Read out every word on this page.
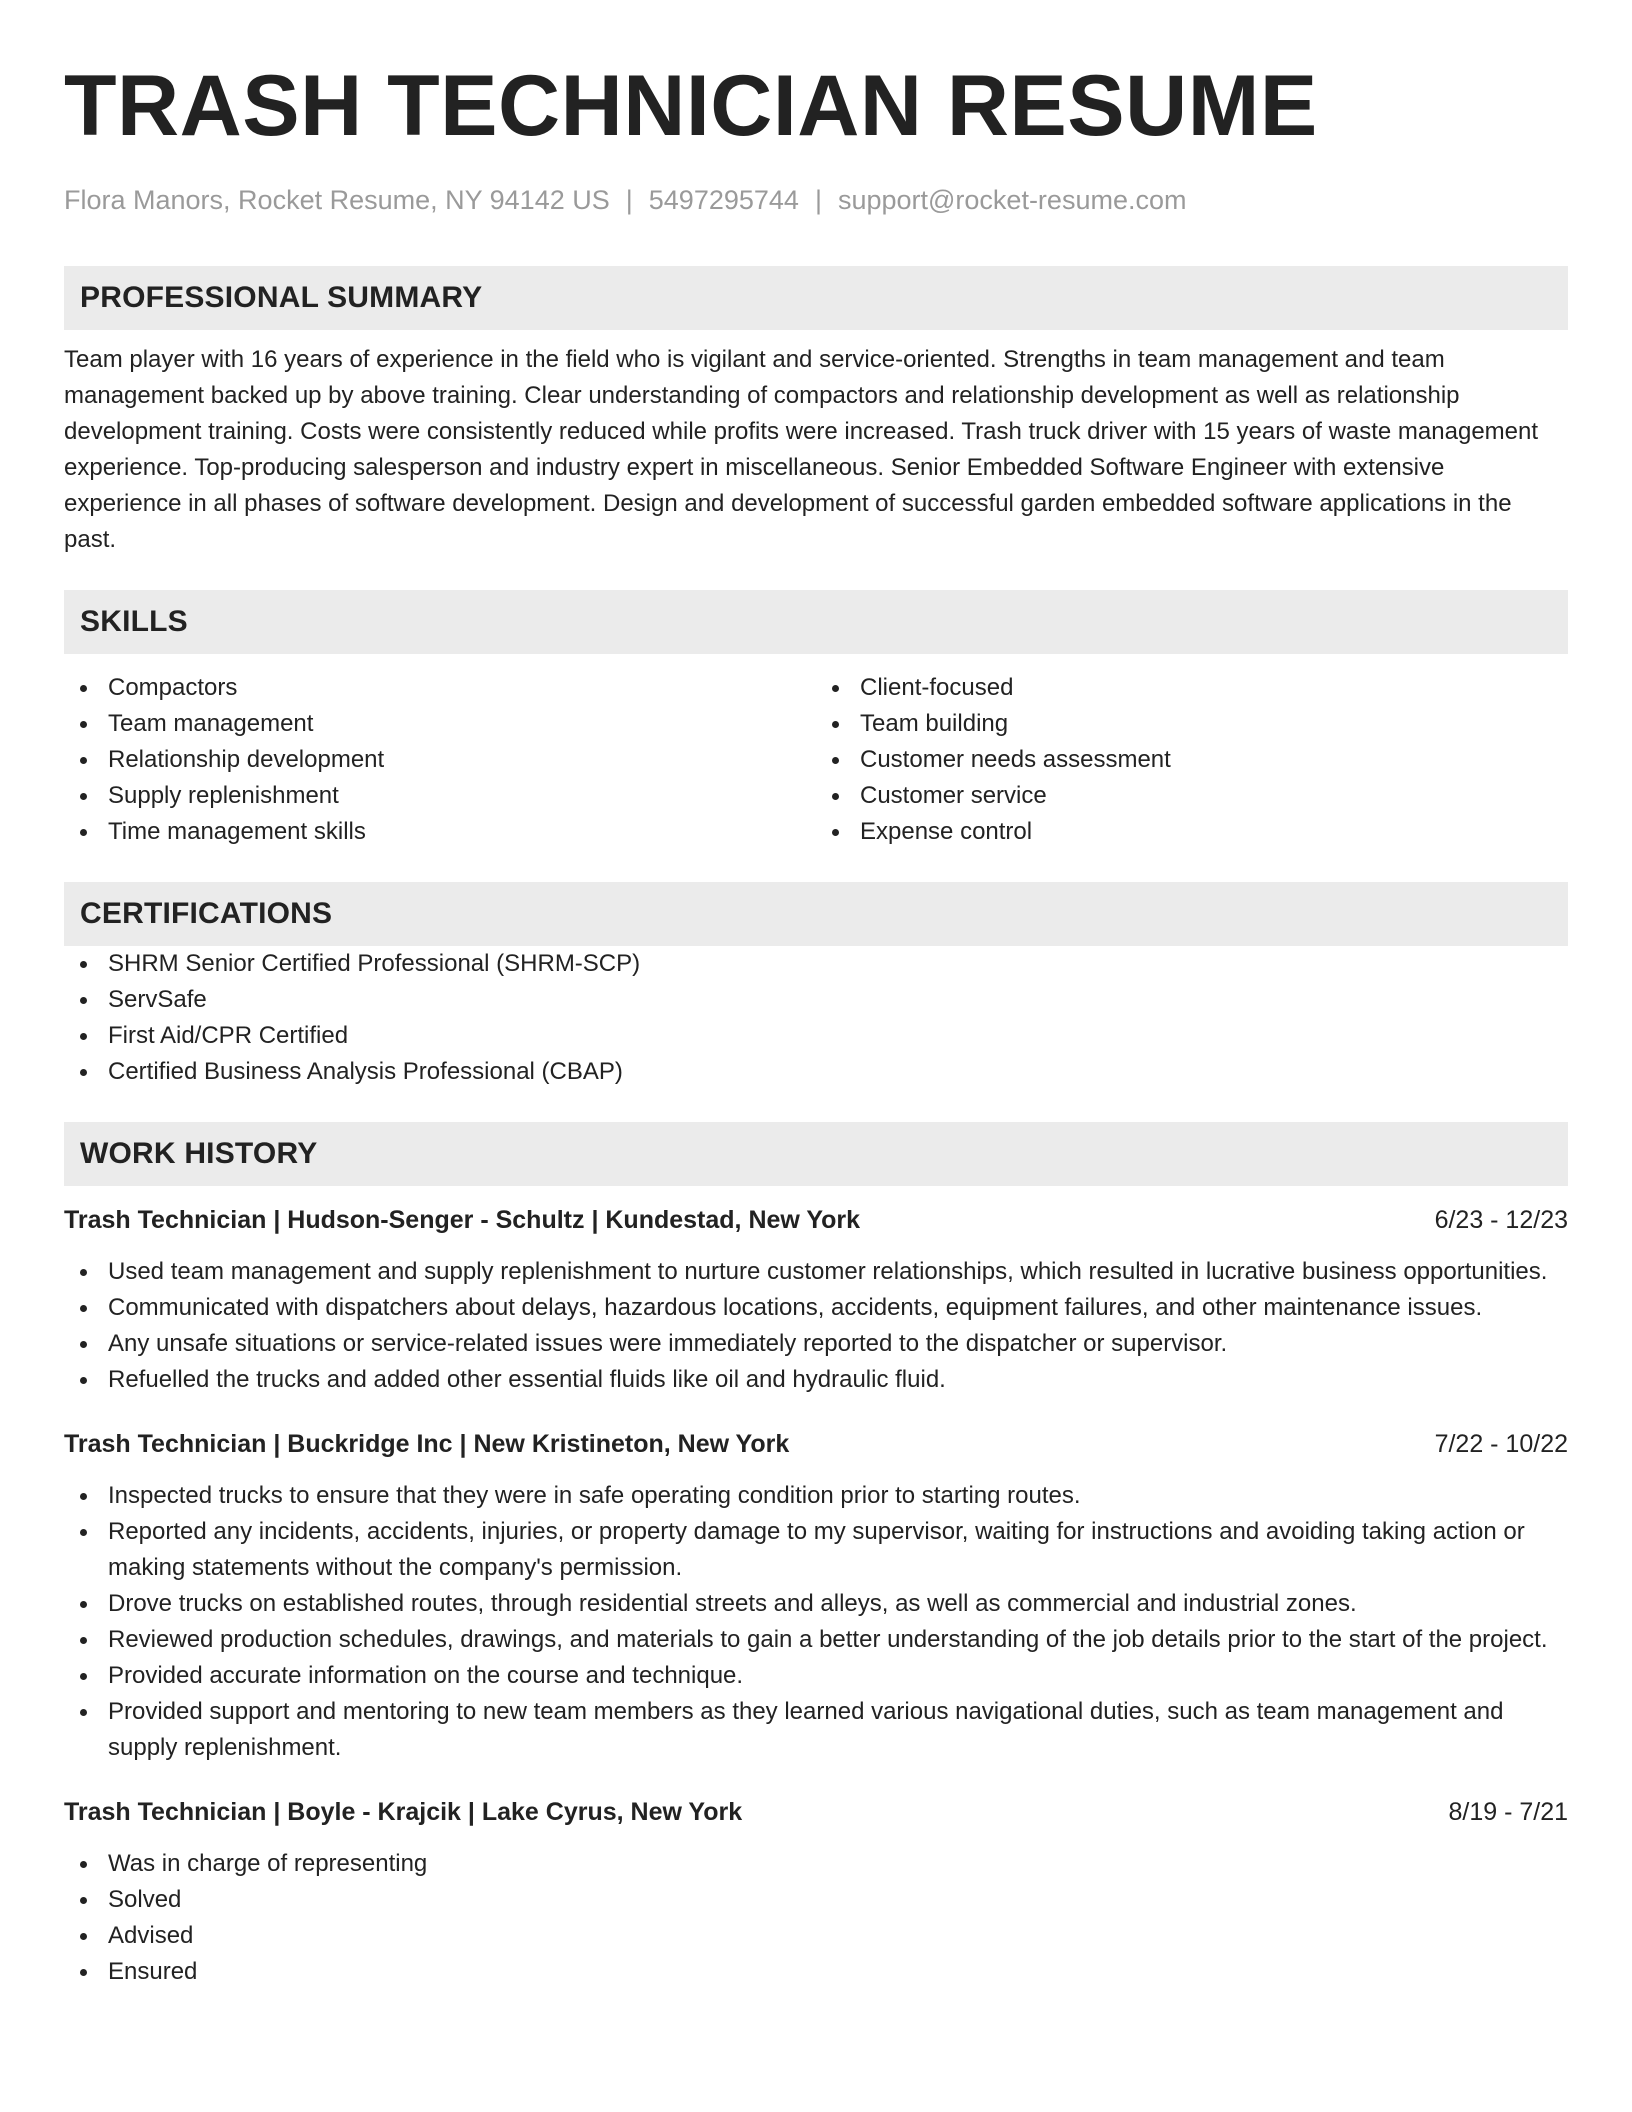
TRASH TECHNICIAN RESUME
Flora Manors, Rocket Resume, NY 94142 US | 5497295744 | support@rocket-resume.com
PROFESSIONAL SUMMARY
Team player with 16 years of experience in the field who is vigilant and service-oriented. Strengths in team management and team management backed up by above training. Clear understanding of compactors and relationship development as well as relationship development training. Costs were consistently reduced while profits were increased. Trash truck driver with 15 years of waste management experience. Top-producing salesperson and industry expert in miscellaneous. Senior Embedded Software Engineer with extensive experience in all phases of software development. Design and development of successful garden embedded software applications in the past.
SKILLS
Compactors
Team management
Relationship development
Supply replenishment
Time management skills
Client-focused
Team building
Customer needs assessment
Customer service
Expense control
CERTIFICATIONS
SHRM Senior Certified Professional (SHRM-SCP)
ServSafe
First Aid/CPR Certified
Certified Business Analysis Professional (CBAP)
WORK HISTORY
Trash Technician | Hudson-Senger - Schultz | Kundestad, New York	6/23 - 12/23
Used team management and supply replenishment to nurture customer relationships, which resulted in lucrative business opportunities.
Communicated with dispatchers about delays, hazardous locations, accidents, equipment failures, and other maintenance issues.
Any unsafe situations or service-related issues were immediately reported to the dispatcher or supervisor.
Refuelled the trucks and added other essential fluids like oil and hydraulic fluid.
Trash Technician | Buckridge Inc | New Kristineton, New York	7/22 - 10/22
Inspected trucks to ensure that they were in safe operating condition prior to starting routes.
Reported any incidents, accidents, injuries, or property damage to my supervisor, waiting for instructions and avoiding taking action or making statements without the company's permission.
Drove trucks on established routes, through residential streets and alleys, as well as commercial and industrial zones.
Reviewed production schedules, drawings, and materials to gain a better understanding of the job details prior to the start of the project.
Provided accurate information on the course and technique.
Provided support and mentoring to new team members as they learned various navigational duties, such as team management and supply replenishment.
Trash Technician | Boyle - Krajcik | Lake Cyrus, New York	8/19 - 7/21
Was in charge of representing
Solved
Advised
Ensured
